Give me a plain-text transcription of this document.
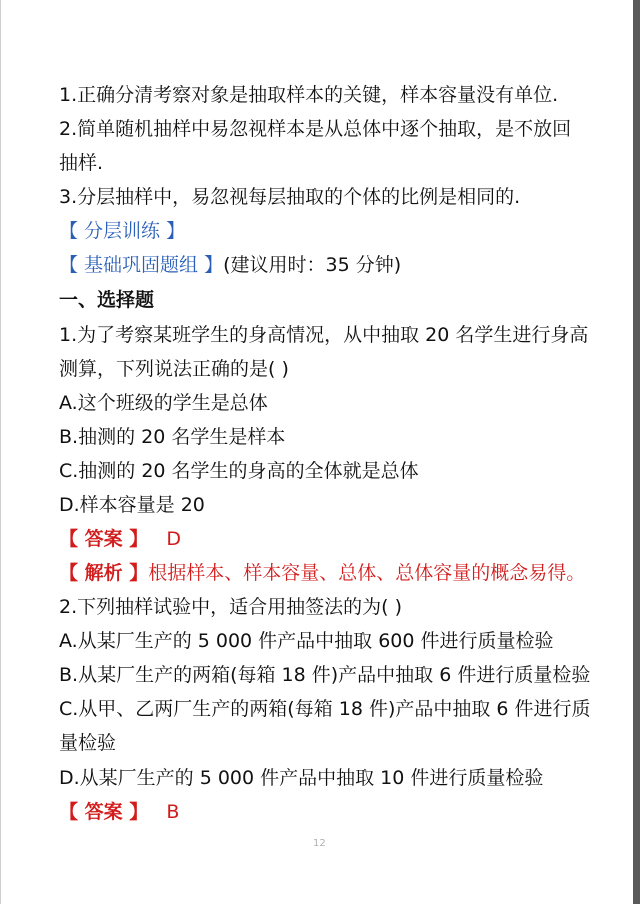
1.正确分清考察对象是抽取样本的关键，样本容量没有单位.
2.简单随机抽样中易忽视样本是从总体中逐个抽取，是不放回
抽样.
3.分层抽样中，易忽视每层抽取的个体的比例是相同的.
【 分层训练 】
【 基础巩固题组 】(建议用时：35 分钟)
一、选择题
1.为了考察某班学生的身高情况，从中抽取 20 名学生进行身高
测算，下列说法正确的是( )
A.这个班级的学生是总体
B.抽测的 20 名学生是样本
C.抽测的 20 名学生的身高的全体就是总体
D.样本容量是 20
【 答案 】 D
【 解析 】根据样本、样本容量、总体、总体容量的概念易得。
2.下列抽样试验中，适合用抽签法的为( )
A.从某厂生产的 5 000 件产品中抽取 600 件进行质量检验
B.从某厂生产的两箱(每箱 18 件)产品中抽取 6 件进行质量检验
C.从甲、乙两厂生产的两箱(每箱 18 件)产品中抽取 6 件进行质
量检验
D.从某厂生产的 5 000 件产品中抽取 10 件进行质量检验
【 答案 】 B
12
头条 @数学教育
